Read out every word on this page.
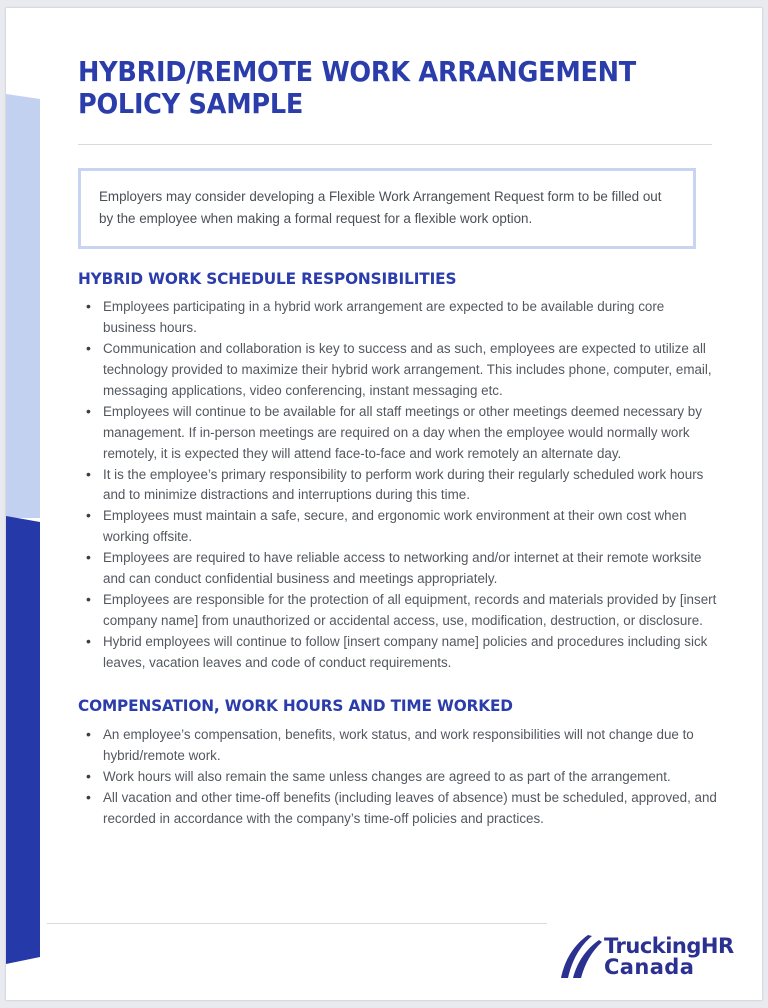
HYBRID/REMOTE WORK ARRANGEMENT POLICY SAMPLE

Employers may consider developing a Flexible Work Arrangement Request form to be filled out by the employee when making a formal request for a flexible work option.

HYBRID WORK SCHEDULE RESPONSIBILITIES
• Employees participating in a hybrid work arrangement are expected to be available during core business hours.
• Communication and collaboration is key to success and as such, employees are expected to utilize all technology provided to maximize their hybrid work arrangement. This includes phone, computer, email, messaging applications, video conferencing, instant messaging etc.
• Employees will continue to be available for all staff meetings or other meetings deemed necessary by management. If in-person meetings are required on a day when the employee would normally work remotely, it is expected they will attend face-to-face and work remotely an alternate day.
• It is the employee’s primary responsibility to perform work during their regularly scheduled work hours and to minimize distractions and interruptions during this time.
• Employees must maintain a safe, secure, and ergonomic work environment at their own cost when working offsite.
• Employees are required to have reliable access to networking and/or internet at their remote worksite and can conduct confidential business and meetings appropriately.
• Employees are responsible for the protection of all equipment, records and materials provided by [insert company name] from unauthorized or accidental access, use, modification, destruction, or disclosure.
• Hybrid employees will continue to follow [insert company name] policies and procedures including sick leaves, vacation leaves and code of conduct requirements.
COMPENSATION, WORK HOURS AND TIME WORKED
• An employee’s compensation, benefits, work status, and work responsibilities will not change due to hybrid/remote work.
• Work hours will also remain the same unless changes are agreed to as part of the arrangement.
• All vacation and other time-off benefits (including leaves of absence) must be scheduled, approved, and recorded in accordance with the company’s time-off policies and practices.
TruckingHR
Canada
